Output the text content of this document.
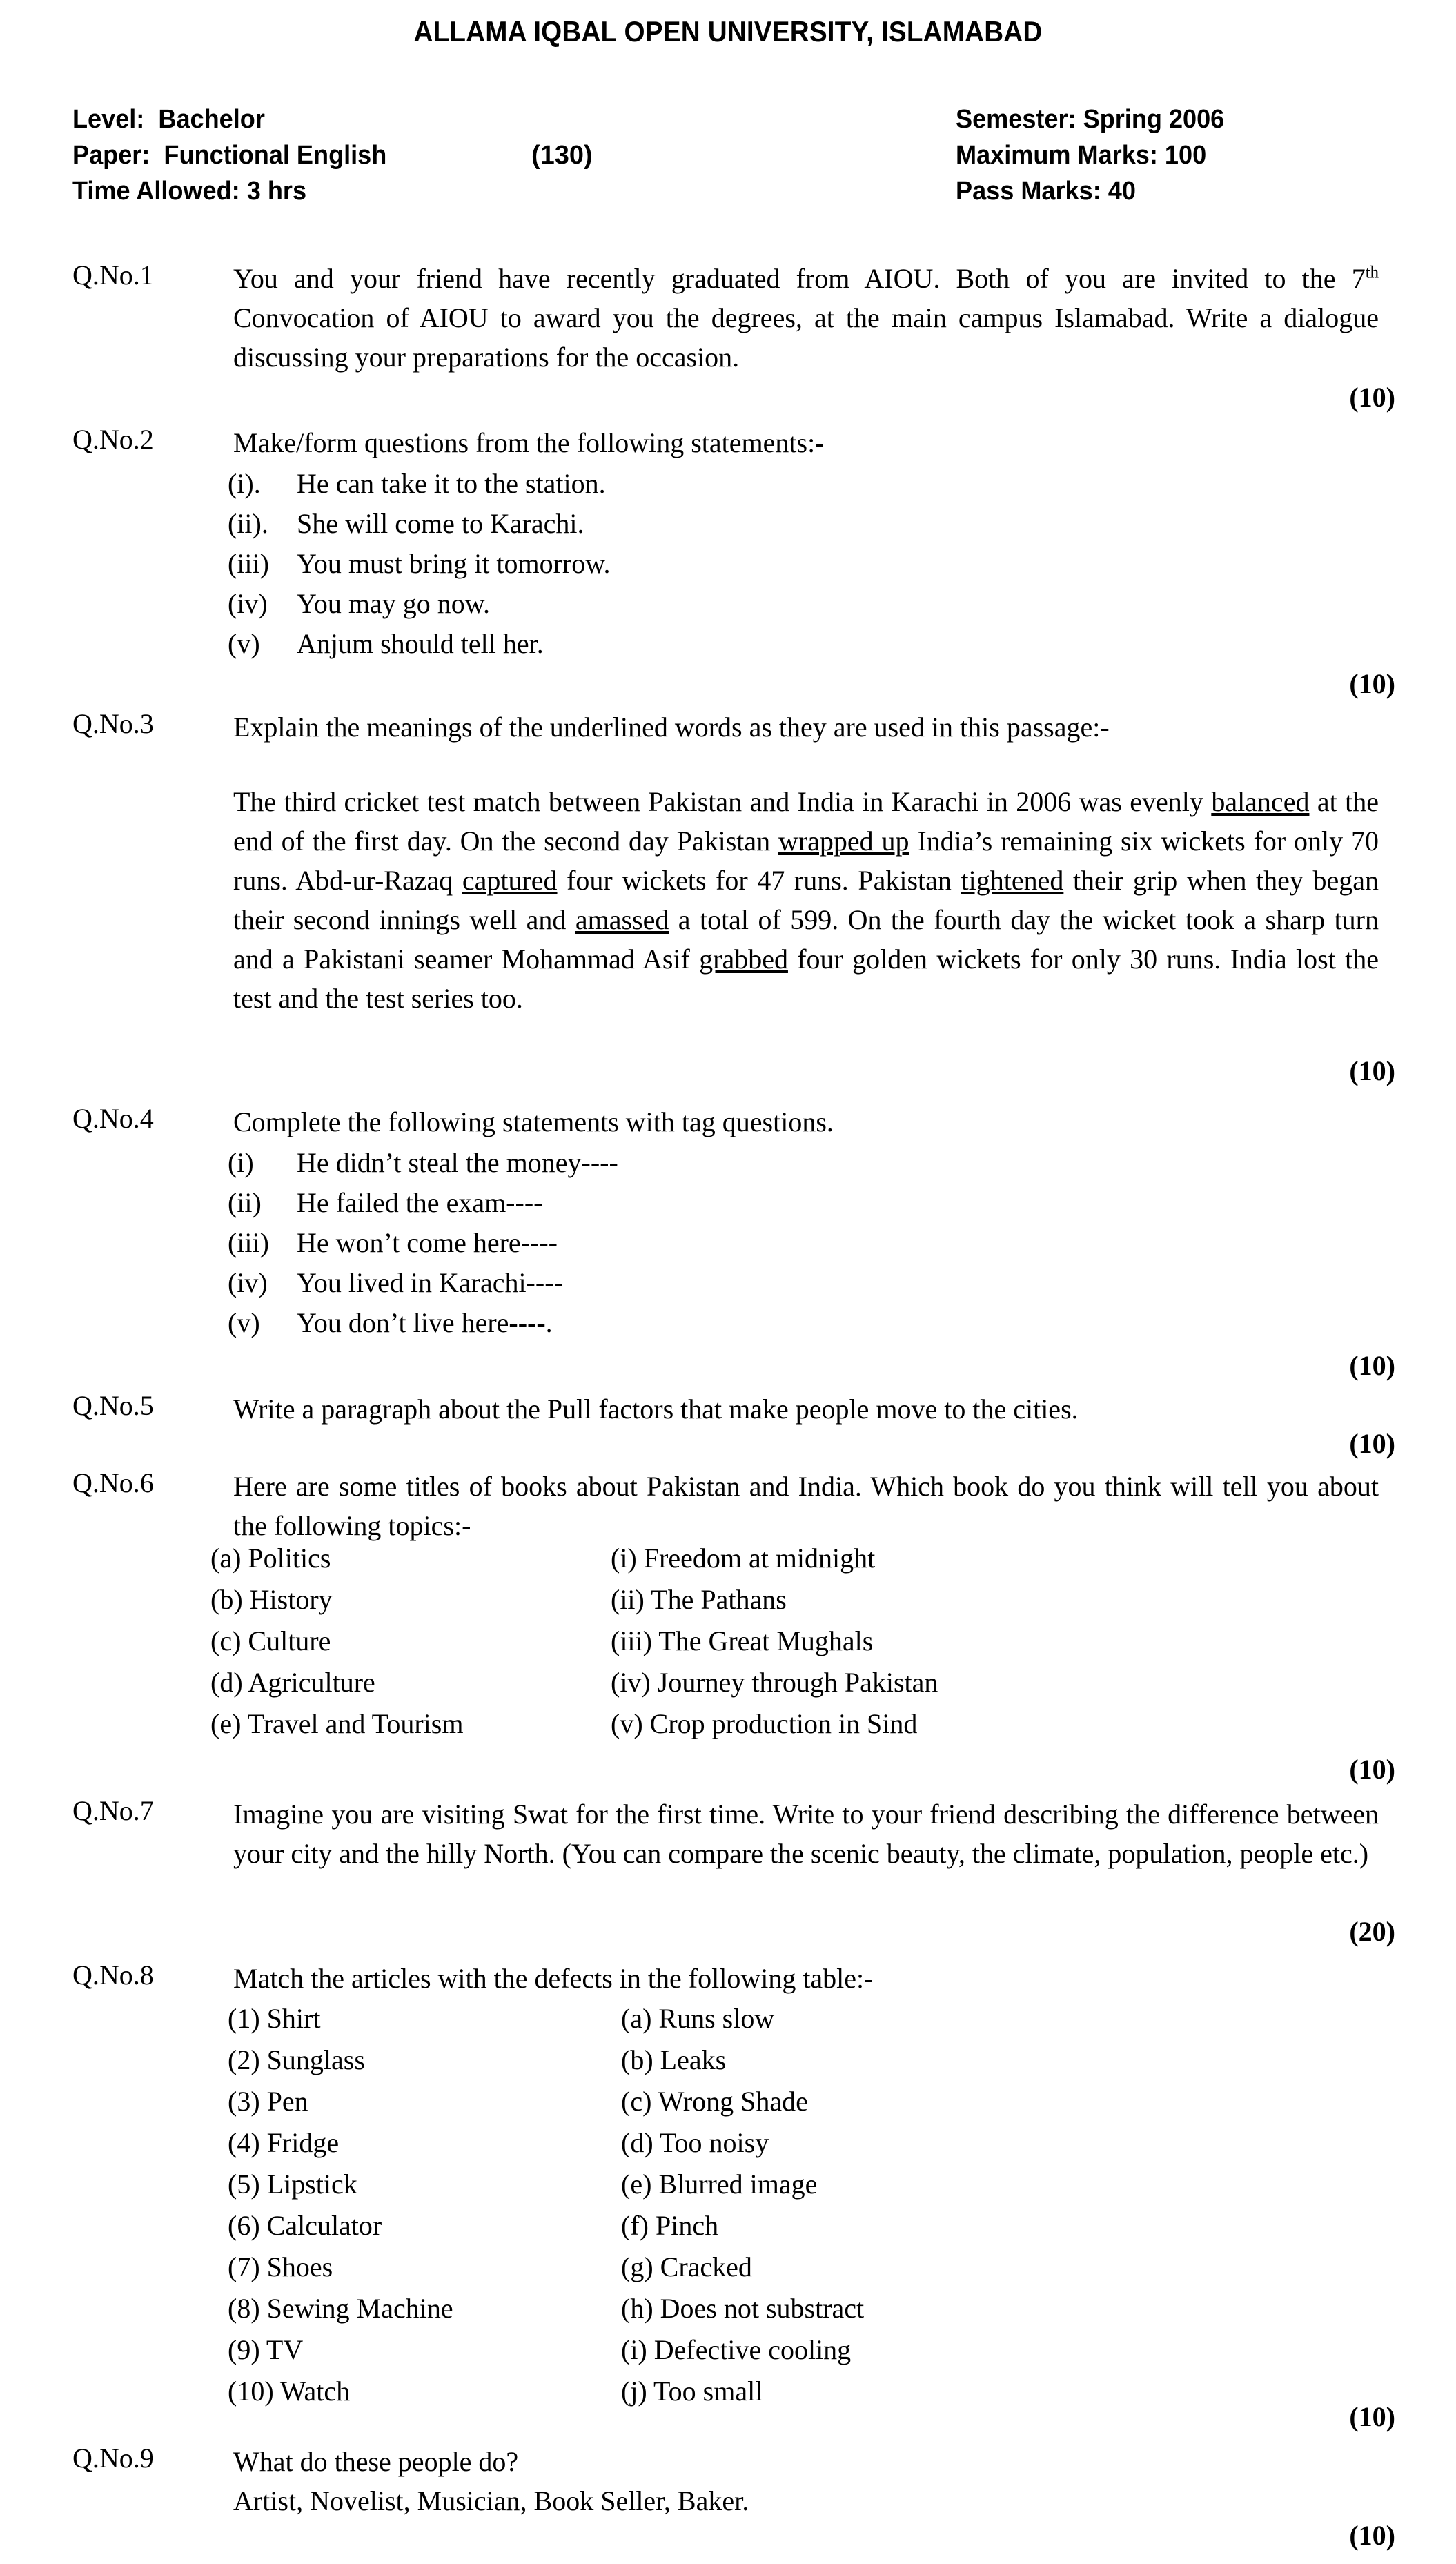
ALLAMA IQBAL OPEN UNIVERSITY, ISLAMABAD
Level:  Bachelor	Semester: Spring 2006
Paper:  Functional English	(130)	Maximum Marks: 100
Time Allowed: 3 hrs	Pass Marks: 40
Q.No.1	You and your friend have recently graduated from AIOU. Both of you are invited to the 7th Convocation of AIOU to award you the degrees, at the main campus Islamabad. Write a dialogue discussing your preparations for the occasion.

(10)
Q.No.2	Make/form questions from the following statements:-
(i). He can take it to the station.
(ii). She will come to Karachi.
(iii) You must bring it tomorrow.
(iv) You may go now.
(v) Anjum should tell her.
(10)
Q.No.3	Explain the meanings of the underlined words as they are used in this passage:-

The third cricket test match between Pakistan and India in Karachi in 2006 was evenly balanced at the end of the first day. On the second day Pakistan wrapped up India’s remaining six wickets for only 70 runs. Abd-ur-Razaq captured four wickets for 47 runs. Pakistan tightened their grip when they began their second innings well and amassed a total of 599. On the fourth day the wicket took a sharp turn and a Pakistani seamer Mohammad Asif grabbed four golden wickets for only 30 runs. India lost the test and the test series too.

(10)
Q.No.4	Complete the following statements with tag questions.
(i) He didn’t steal the money----
(ii) He failed the exam----
(iii) He won’t come here----
(iv) You lived in Karachi----
(v) You don’t live here----.
(10)
Q.No.5	Write a paragraph about the Pull factors that make people move to the cities.
(10)
Q.No.6	Here are some titles of books about Pakistan and India. Which book do you think will tell you about the following topics:-
(a) Politics	(i) Freedom at midnight
(b) History	(ii) The Pathans
(c) Culture	(iii) The Great Mughals
(d) Agriculture	(iv) Journey through Pakistan
(e) Travel and Tourism	(v) Crop production in Sind
(10)
Q.No.7	Imagine you are visiting Swat for the first time. Write to your friend describing the difference between your city and the hilly North. (You can compare the scenic beauty, the climate, population, people etc.)
(20)
Q.No.8	Match the articles with the defects in the following table:-
(1) Shirt	(a) Runs slow
(2) Sunglass	(b) Leaks
(3) Pen	(c) Wrong Shade
(4) Fridge	(d) Too noisy
(5) Lipstick	(e) Blurred image
(6) Calculator	(f) Pinch
(7) Shoes	(g) Cracked
(8) Sewing Machine	(h) Does not substract
(9) TV	(i) Defective cooling
(10) Watch	(j) Too small
(10)
Q.No.9	What do these people do?

Artist, Novelist, Musician, Book Seller, Baker.

(10)
